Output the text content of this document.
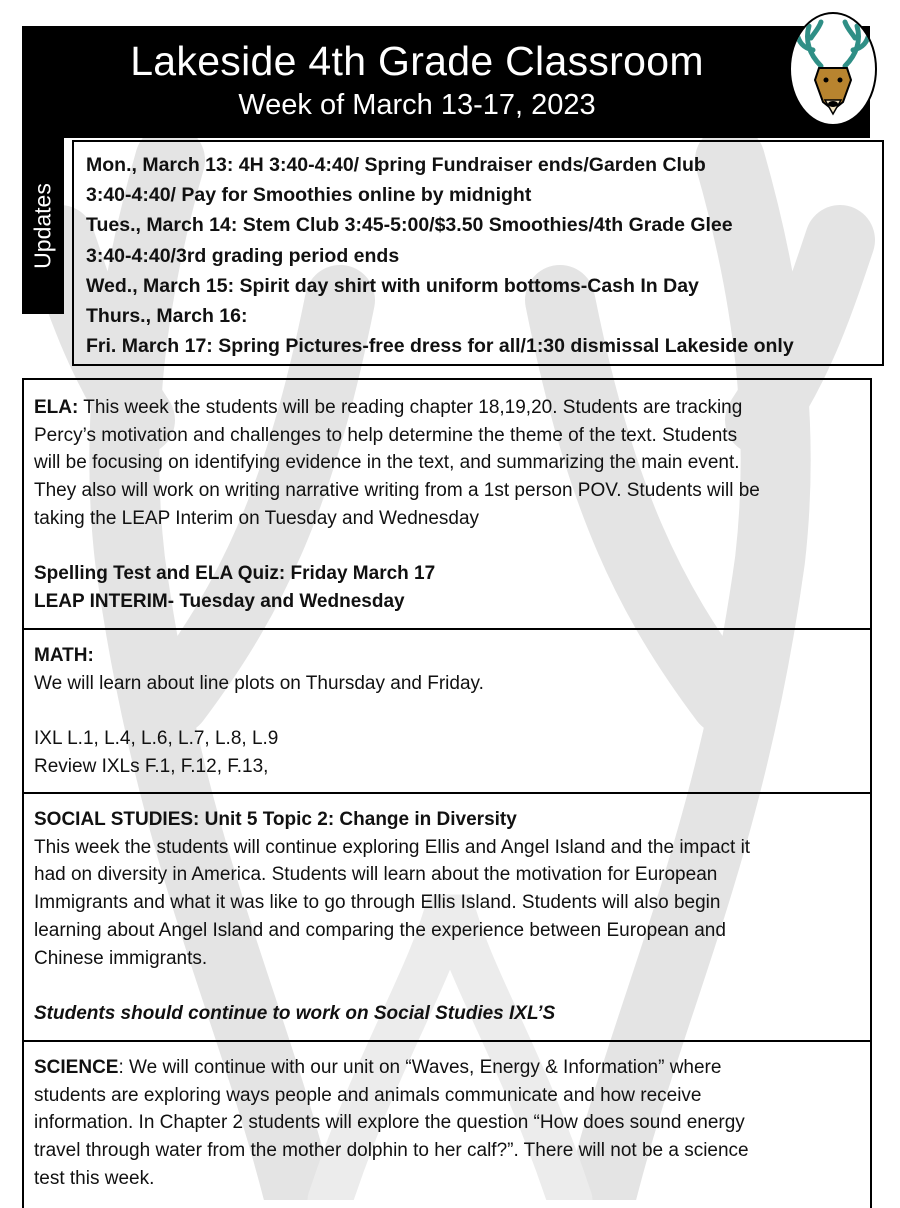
Lakeside 4th Grade Classroom
Week of March 13-17, 2023
Updates
Mon., March 13: 4H 3:40-4:40/ Spring Fundraiser ends/Garden Club
3:40-4:40/ Pay for Smoothies online by midnight
Tues., March 14: Stem Club 3:45-5:00/$3.50 Smoothies/4th Grade Glee
3:40-4:40/3rd grading period ends
Wed., March 15: Spirit day shirt with uniform bottoms-Cash In Day
Thurs., March 16:
Fri. March 17: Spring Pictures-free dress for all/1:30 dismissal Lakeside only

ELA: This week the students will be reading chapter 18,19,20. Students are tracking

Percy’s motivation and challenges to help determine the theme of the text. Students

will be focusing on identifying evidence in the text, and summarizing the main event.

They also will work on writing narrative writing from a 1st person POV. Students will be

taking the LEAP Interim on Tuesday and Wednesday

Spelling Test and ELA Quiz: Friday March 17

LEAP INTERIM- Tuesday and Wednesday

MATH:

We will learn about line plots on Thursday and Friday.

IXL L.1, L.4, L.6, L.7, L.8, L.9

Review IXLs F.1, F.12, F.13,

SOCIAL STUDIES: Unit 5 Topic 2: Change in Diversity

This week the students will continue exploring Ellis and Angel Island and the impact it

had on diversity in America. Students will learn about the motivation for European

Immigrants and what it was like to go through Ellis Island. Students will also begin

learning about Angel Island and comparing the experience between European and

Chinese immigrants.

Students should continue to work on Social Studies IXL’S

SCIENCE: We will continue with our unit on “Waves, Energy & Information” where

students are exploring ways people and animals communicate and how receive

information. In Chapter 2 students will explore the question “How does sound energy

travel through water from the mother dolphin to her calf?”. There will not be a science

test this week.
